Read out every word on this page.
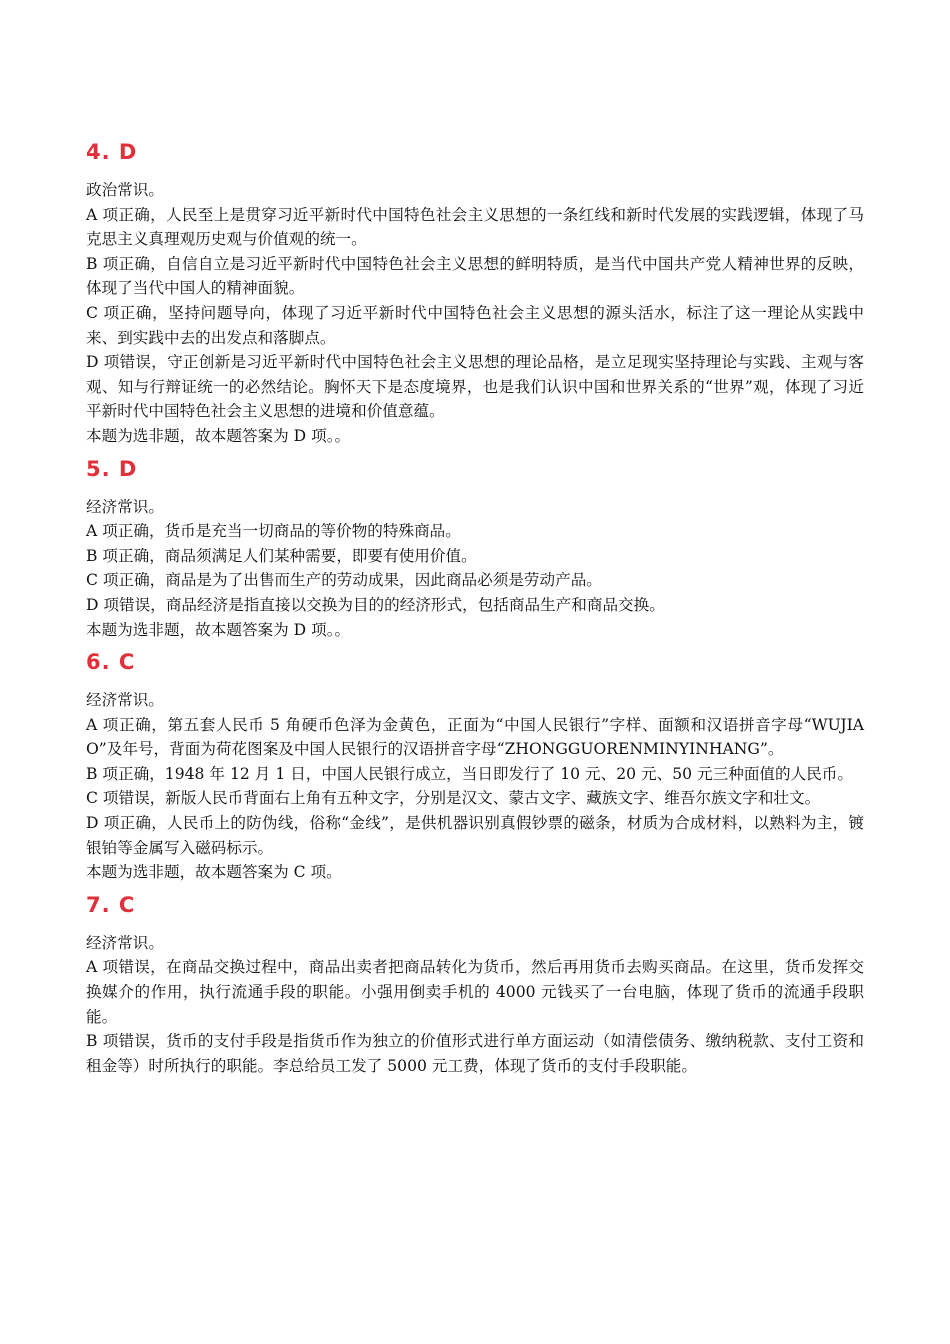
4. D

政治常识。

A 项正确，人民至上是贯穿习近平新时代中国特色社会主义思想的一条红线和新时代发展的实践逻辑，体现了马克思主义真理观历史观与价值观的统一。

B 项正确，自信自立是习近平新时代中国特色社会主义思想的鲜明特质，是当代中国共产党人精神世界的反映，体现了当代中国人的精神面貌。

C 项正确，坚持问题导向，体现了习近平新时代中国特色社会主义思想的源头活水，标注了这一理论从实践中来、到实践中去的出发点和落脚点。

D 项错误，守正创新是习近平新时代中国特色社会主义思想的理论品格，是立足现实坚持理论与实践、主观与客观、知与行辩证统一的必然结论。胸怀天下是态度境界，也是我们认识中国和世界关系的“世界”观，体现了习近平新时代中国特色社会主义思想的进境和价值意蕴。

本题为选非题，故本题答案为 D 项。。

5. D

经济常识。

A 项正确，货币是充当一切商品的等价物的特殊商品。

B 项正确，商品须满足人们某种需要，即要有使用价值。

C 项正确，商品是为了出售而生产的劳动成果，因此商品必须是劳动产品。

D 项错误，商品经济是指直接以交换为目的的经济形式，包括商品生产和商品交换。

本题为选非题，故本题答案为 D 项。。

6. C

经济常识。

A 项正确，第五套人民币 5 角硬币色泽为金黄色，正面为“中国人民银行”字样、面额和汉语拼音字母“WUJIAO”及年号，背面为荷花图案及中国人民银行的汉语拼音字母“ZHONGGUORENMINYINHANG”。

B 项正确，1948 年 12 月 1 日，中国人民银行成立，当日即发行了 10 元、20 元、50 元三种面值的人民币。

C 项错误，新版人民币背面右上角有五种文字，分别是汉文、蒙古文字、藏族文字、维吾尔族文字和壮文。

D 项正确，人民币上的防伪线，俗称“金线”，是供机器识别真假钞票的磁条，材质为合成材料，以熟料为主，镀银铂等金属写入磁码标示。

本题为选非题，故本题答案为 C 项。

7. C

经济常识。

A 项错误，在商品交换过程中，商品出卖者把商品转化为货币，然后再用货币去购买商品。在这里，货币发挥交换媒介的作用，执行流通手段的职能。小强用倒卖手机的 4000 元钱买了一台电脑，体现了货币的流通手段职能。

B 项错误，货币的支付手段是指货币作为独立的价值形式进行单方面运动（如清偿债务、缴纳税款、支付工资和租金等）时所执行的职能。李总给员工发了 5000 元工费，体现了货币的支付手段职能。
